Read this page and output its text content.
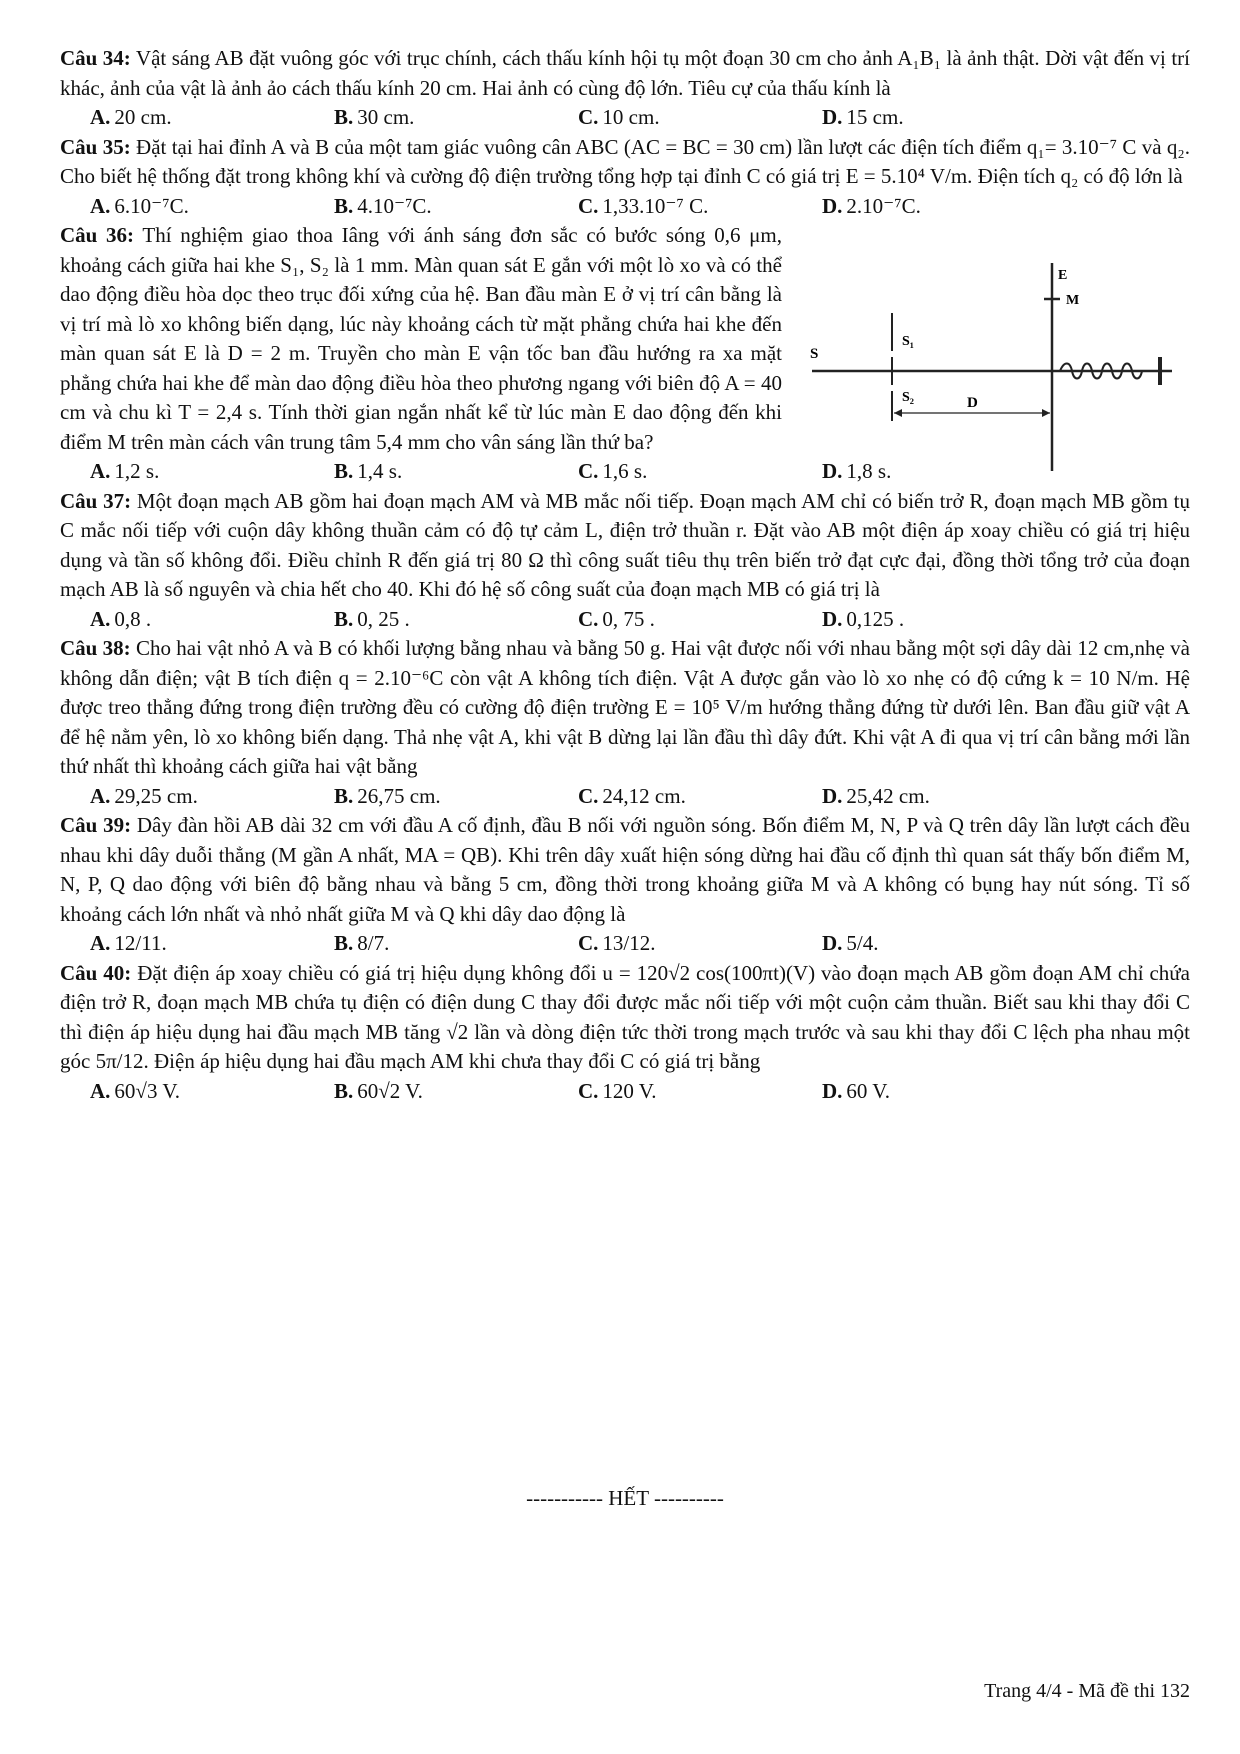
Câu 34: Vật sáng AB đặt vuông góc với trục chính, cách thấu kính hội tụ một đoạn 30 cm cho ảnh A₁B₁ là ảnh thật. Dời vật đến vị trí khác, ảnh của vật là ảnh ảo cách thấu kính 20 cm. Hai ảnh có cùng độ lớn. Tiêu cự của thấu kính là
A. 20 cm.	B. 30 cm.	C. 10 cm.	D. 15 cm.
Câu 35: Đặt tại hai đỉnh A và B của một tam giác vuông cân ABC (AC = BC = 30 cm) lần lượt các điện tích điểm q₁= 3.10⁻⁷ C và q₂. Cho biết hệ thống đặt trong không khí và cường độ điện trường tổng hợp tại đỉnh C có giá trị E = 5.10⁴ V/m. Điện tích q₂ có độ lớn là
A. 6.10⁻⁷C.	B. 4.10⁻⁷C.	C. 1,33.10⁻⁷ C.	D. 2.10⁻⁷C.
Câu 36: Thí nghiệm giao thoa Iâng với ánh sáng đơn sắc có bước sóng 0,6 μm, khoảng cách giữa hai khe S₁, S₂ là 1 mm. Màn quan sát E gắn với một lò xo và có thể dao động điều hòa dọc theo trục đối xứng của hệ. Ban đầu màn E ở vị trí cân bằng là vị trí mà lò xo không biến dạng, lúc này khoảng cách từ mặt phẳng chứa hai khe đến màn quan sát E là D = 2 m. Truyền cho màn E vận tốc ban đầu hướng ra xa mặt phẳng chứa hai khe để màn dao động điều hòa theo phương ngang với biên độ A = 40 cm và chu kì T = 2,4 s. Tính thời gian ngắn nhất kể từ lúc màn E dao động đến khi điểm M trên màn cách vân trung tâm 5,4 mm cho vân sáng lần thứ ba?
S
S₁
S₂
E
M
D
A. 1,2 s.	B. 1,4 s.	C. 1,6 s.	D. 1,8 s.
Câu 37: Một đoạn mạch AB gồm hai đoạn mạch AM và MB mắc nối tiếp. Đoạn mạch AM chỉ có biến trở R, đoạn mạch MB gồm tụ C mắc nối tiếp với cuộn dây không thuần cảm có độ tự cảm L, điện trở thuần r. Đặt vào AB một điện áp xoay chiều có giá trị hiệu dụng và tần số không đổi. Điều chỉnh R đến giá trị 80 Ω thì công suất tiêu thụ trên biến trở đạt cực đại, đồng thời tổng trở của đoạn mạch AB là số nguyên và chia hết cho 40. Khi đó hệ số công suất của đoạn mạch MB có giá trị là
A. 0,8 .	B. 0, 25 .	C. 0, 75 .	D. 0,125 .
Câu 38: Cho hai vật nhỏ A và B có khối lượng bằng nhau và bằng 50 g. Hai vật được nối với nhau bằng một sợi dây dài 12 cm,nhẹ và không dẫn điện; vật B tích điện q = 2.10⁻⁶C còn vật A không tích điện. Vật A được gắn vào lò xo nhẹ có độ cứng k = 10 N/m. Hệ được treo thẳng đứng trong điện trường đều có cường độ điện trường E = 10⁵ V/m hướng thẳng đứng từ dưới lên. Ban đầu giữ vật A để hệ nằm yên, lò xo không biến dạng. Thả nhẹ vật A, khi vật B dừng lại lần đầu thì dây đứt. Khi vật A đi qua vị trí cân bằng mới lần thứ nhất thì khoảng cách giữa hai vật bằng
A. 29,25 cm.	B. 26,75 cm.	C. 24,12 cm.	D. 25,42 cm.
Câu 39: Dây đàn hồi AB dài 32 cm với đầu A cố định, đầu B nối với nguồn sóng. Bốn điểm M, N, P và Q trên dây lần lượt cách đều nhau khi dây duỗi thẳng (M gần A nhất, MA = QB). Khi trên dây xuất hiện sóng dừng hai đầu cố định thì quan sát thấy bốn điểm M, N, P, Q dao động với biên độ bằng nhau và bằng 5 cm, đồng thời trong khoảng giữa M và A không có bụng hay nút sóng. Tỉ số khoảng cách lớn nhất và nhỏ nhất giữa M và Q khi dây dao động là
A. 12/11.	B. 8/7.	C. 13/12.	D. 5/4.
Câu 40: Đặt điện áp xoay chiều có giá trị hiệu dụng không đổi u = 120√2 cos(100πt)(V) vào đoạn mạch AB gồm đoạn AM chỉ chứa điện trở R, đoạn mạch MB chứa tụ điện có điện dung C thay đổi được mắc nối tiếp với một cuộn cảm thuần. Biết sau khi thay đổi C thì điện áp hiệu dụng hai đầu mạch MB tăng √2 lần và dòng điện tức thời trong mạch trước và sau khi thay đổi C lệch pha nhau một góc 5π/12. Điện áp hiệu dụng hai đầu mạch AM khi chưa thay đổi C có giá trị bằng
A. 60√3 V.	B. 60√2 V.	C. 120 V.	D. 60 V.
----------- HẾT ----------
Trang 4/4 - Mã đề thi 132
